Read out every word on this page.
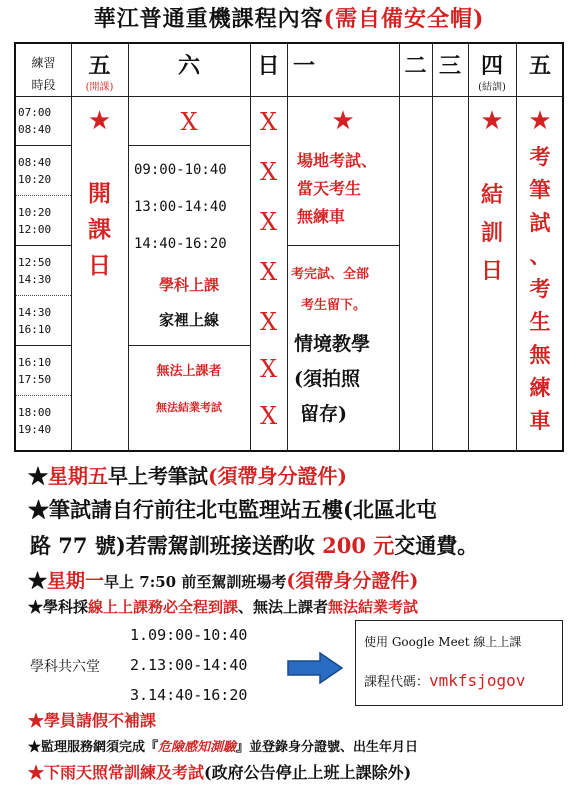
華江普通重機課程內容(需自備安全帽)
練習
時段
五
(開課)
六	日 一	二 三 四
(結訓)
五
07:00
08:40
08:40
10:20
10:20
12:00
12:50
14:30
14:30
16:10
16:10
17:50
18:00
19:40
★
開
課
日
X
09:00-10:40
13:00-14:40
14:40-16:20
學科上課
家裡上線
無法上課者
無法結業考試
X
X
X
X
X
X
X
★
場地考試、
當天考生
無練車
考完試、全部
考生留下。
情境教學
(須拍照
留存)
★
結
訓
日
★
考
筆
試
、
考
生
無
練
車
★星期五早上考筆試(須帶身分證件)
★筆試請自行前往北屯監理站五樓(北區北屯
路 77 號)若需駕訓班接送酌收 200 元交通費。
★星期一早上 7:50 前至駕訓班場考(須帶身分證件)
★學科採線上上課務必全程到課、無法上課者無法結業考試
1.09:00-10:40
學科共六堂 2.13:00-14:40
3.14:40-16:20
使用 Google Meet 線上上課
課程代碼：vmkfsjogov
★學員請假不補課
★監理服務網須完成『危險感知測驗』並登錄身分證號、出生年月日
★下雨天照常訓練及考試(政府公告停止上班上課除外)
